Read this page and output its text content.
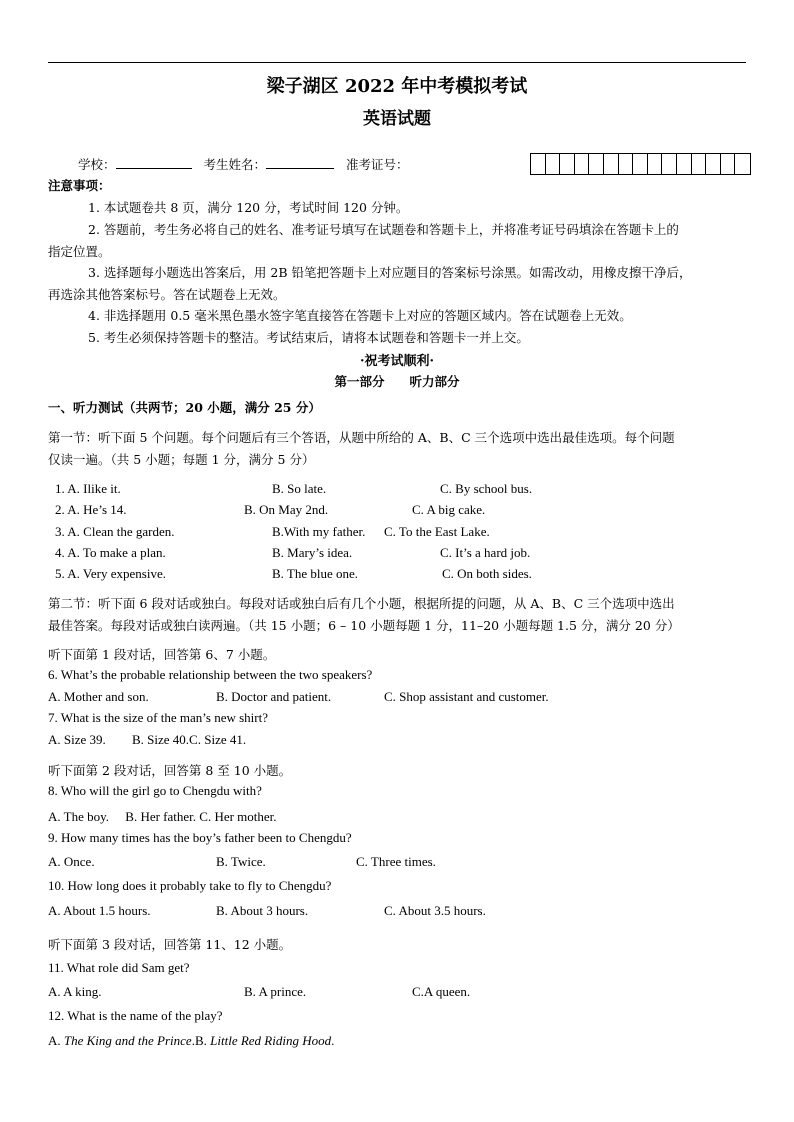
梁子湖区 2022 年中考模拟考试
英语试题
学校：	考生姓名：	准考证号：
注意事项：
1. 本试题卷共 8 页，满分 120 分，考试时间 120 分钟。
2. 答题前，考生务必将自己的姓名、准考证号填写在试题卷和答题卡上，并将准考证号码填涂在答题卡上的
指定位置。
3. 选择题每小题选出答案后，用 2B 铅笔把答题卡上对应题目的答案标号涂黑。如需改动，用橡皮擦干净后，
再选涂其他答案标号。答在试题卷上无效。
4. 非选择题用 0.5 毫米黑色墨水签字笔直接答在答题卡上对应的答题区域内。答在试题卷上无效。
5. 考生必须保持答题卡的整洁。考试结束后，请将本试题卷和答题卡一并上交。
·祝考试顺利·
第一部分　　听力部分
一、听力测试（共两节；20 小题，满分 25 分）
第一节：听下面 5 个问题。每个问题后有三个答语，从题中所给的 A、B、C 三个选项中选出最佳选项。每个问题
仅读一遍。（共 5 小题；每题 1 分，满分 5 分）
1. A. Ilike it.	B. So late.	C. By school bus.
2. A. He’s 14.	B. On May 2nd.	C. A big cake.
3. A. Clean the garden.	B.With my father. C. To the East Lake.
4. A. To make a plan.	B. Mary’s idea.	C. It’s a hard job.
5. A. Very expensive.	B. The blue one.	C. On both sides.
第二节：听下面 6 段对话或独白。每段对话或独白后有几个小题，根据所提的问题，从 A、B、C 三个选项中选出
最佳答案。每段对话或独白读两遍。（共 15 小题；6 – 10 小题每题 1 分，11–20 小题每题 1.5 分，满分 20 分）
听下面第 1 段对话，回答第 6、7 小题。
6. What’s the probable relationship between the two speakers?
A. Mother and son.	B. Doctor and patient.	C. Shop assistant and customer.
7. What is the size of the man’s new shirt?
A. Size 39. B. Size 40.C. Size 41.
听下面第 2 段对话，回答第 8 至 10 小题。
8. Who will the girl go to Chengdu with?
A. The boy.　 B. Her father. C. Her mother.
9. How many times has the boy’s father been to Chengdu?
A. Once.	B. Twice.	C. Three times.
10. How long does it probably take to fly to Chengdu?
A. About 1.5 hours.	B. About 3 hours.	C. About 3.5 hours.
听下面第 3 段对话，回答第 11、12 小题。
11. What role did Sam get?
A. A king.	B. A prince.	C.A queen.
12. What is the name of the play?
A. The King and the Prince.B. Little Red Riding Hood.
